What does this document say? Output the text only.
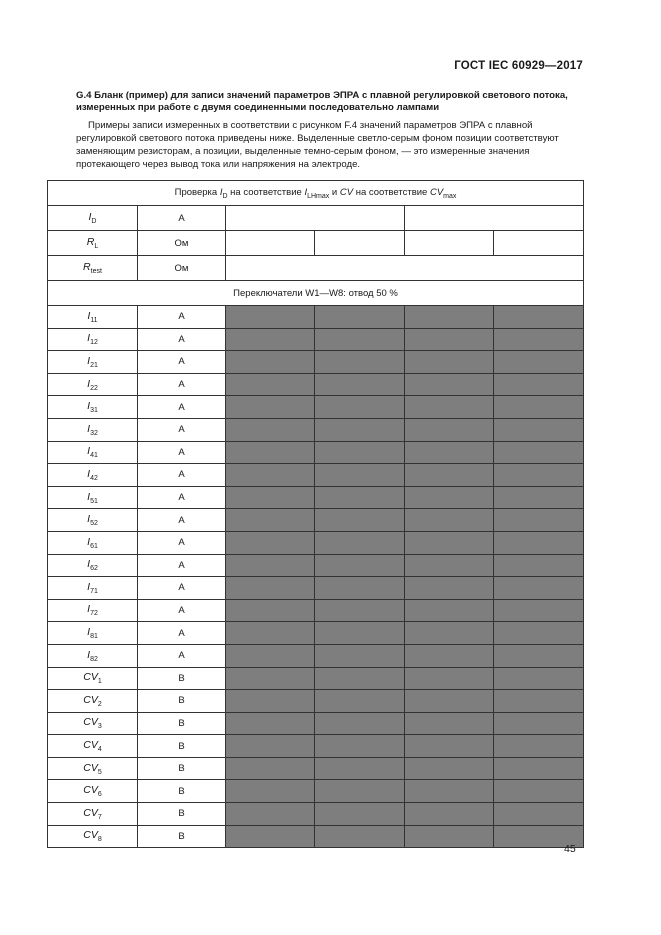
ГОСТ IEC 60929—2017
G.4 Бланк (пример) для записи значений параметров ЭПРА с плавной регулировкой светового потока, измеренных при работе с двумя соединенными последовательно лампами
Примеры записи измеренных в соответствии с рисунком F.4 значений параметров ЭПРА с плавной регулировкой светового потока приведены ниже. Выделенные светло-серым фоном позиции соответствуют заменяющим резисторам, а позиции, выделенные темно-серым фоном, — это измеренные значения протекающего через вывод тока или напряжения на электроде.
Проверка $I_D$ на соответствие $I_{LHmax}$ и CV на соответствие $CV_{max}$
$I_D$	А				
$R_L$	Ом				
$R_{test}$	Ом				
Переключатели W1—W8: отвод 50 %					
$I_{11}$	А				
$I_{12}$	А				
$I_{21}$	А				
$I_{22}$	А				
$I_{31}$	А				
$I_{32}$	А				
$I_{41}$	А				
$I_{42}$	А				
$I_{51}$	А				
$I_{52}$	А				
$I_{61}$	А				
$I_{62}$	А				
$I_{71}$	А				
$I_{72}$	А				
$I_{81}$	А				
$I_{82}$	А				
$CV_1$	В				
$CV_2$	В				
$CV_3$	В				
$CV_4$	В				
$CV_5$	В				
$CV_6$	В				
$CV_7$	В				
$CV_8$	В				
45
